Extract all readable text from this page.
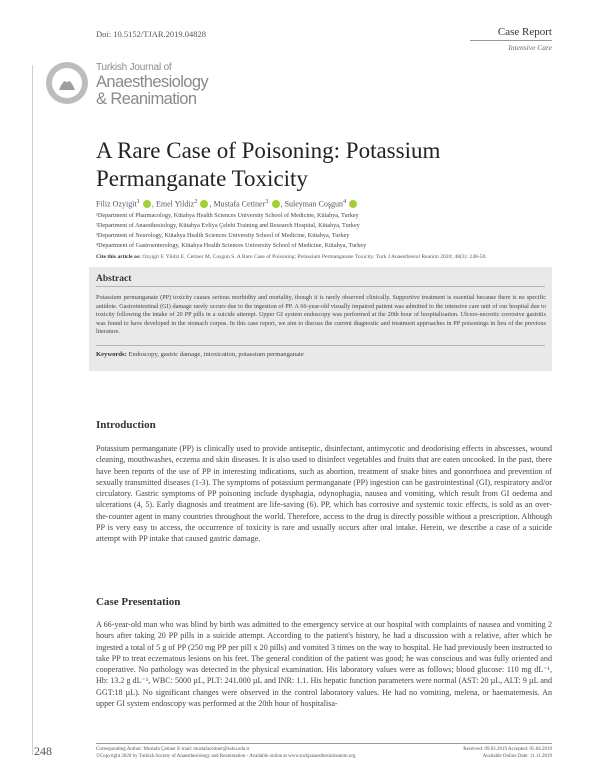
Doi: 10.5152/TJAR.2019.04828	Case Report
Intensive Care
Turkish Journal of
Anaesthesiology
& Reanimation
A Rare Case of Poisoning: Potassium
Permanganate Toxicity
Filiz Ozyigit$^1$ , Emel Yildiz$^2$ , Mustafa Cetiner$^3$ , Suleyman Coşgun$^4$
¹Department of Pharmacology, Kütahya Health Sciences University School of Medicine, Kütahya, Turkey
²Department of Anaesthesiology, Kütahya Evliya Çelebi Training and Research Hospital, Kütahya, Turkey
³Department of Neurology, Kütahya Health Sciences University School of Medicine, Kütahya, Turkey
⁴Department of Gastroenterology, Kütahya Health Sciences University School of Medicine, Kütahya, Turkey
Cite this article as: Ozyigit F, Yildiz E, Cetiner M, Cosgun S. A Rare Case of Poisoning: Potassium Permanganate Toxicity. Turk J Anaesthesiol Reanim 2020; 48(3): 248-50.
Abstract
Potassium permanganate (PP) toxicity causes serious morbidity and mortality, though it is rarely observed clinically. Supportive treatment is essential because there is no specific antidote. Gastrointestinal (GI) damage rarely occurs due to the ingestion of PP. A 66-year-old visually impaired patient was admitted to the intensive care unit of our hospital due to toxicity following the intake of 20 PP pills in a suicide attempt. Upper GI system endoscopy was performed at the 20th hour of hospitalisation. Ulcero-necrotic corrosive gastritis was found to have developed in the stomach corpus. In this case report, we aim to discuss the current diagnostic and treatment approaches in PP poisonings in lieu of the previous literature.
Keywords: Endoscopy, gastric damage, intoxication, potassium permanganate
Introduction
Potassium permanganate (PP) is clinically used to provide antiseptic, disinfectant, antimycotic and deodorising effects in abscesses, wound cleaning, mouthwashes, eczema and skin diseases. It is also used to disinfect vegetables and fruits that are eaten uncooked. In the past, there have been reports of the use of PP in interesting indications, such as abortion, treatment of snake bites and gonorrhoea and prevention of sexually transmitted diseases (1-3). The symptoms of potassium permanganate (PP) ingestion can be gastrointestinal (GI), respiratory and/or circulatory. Gastric symptoms of PP poisoning include dysphagia, odynophagia, nausea and vomiting, which result from GI oedema and ulcerations (4, 5). Early diagnosis and treatment are life-saving (6). PP, which has corrosive and systemic toxic effects, is sold as an over-the-counter agent in many countries throughout the world. Therefore, access to the drug is directly possible without a prescription. Although PP is very easy to access, the occurrence of toxicity is rare and usually occurs after oral intake. Herein, we describe a case of a suicide attempt with PP intake that caused gastric damage.
Case Presentation
A 66-year-old man who was blind by birth was admitted to the emergency service at our hospital with complaints of nausea and vomiting 2 hours after taking 20 PP pills in a suicide attempt. According to the patient's history, he had a discussion with a relative, after which he ingested a total of 5 g of PP (250 mg PP per pill x 20 pills) and vomited 3 times on the way to hospital. He had previously been instructed to take PP to treat eczematous lesions on his feet. The general condition of the patient was good; he was conscious and was fully oriented and cooperative. No pathology was detected in the physical examination. His laboratory values were as follows; blood glucose: 110 mg dL⁻¹, Hb: 13.2 g dL⁻¹, WBC: 5000 µL, PLT: 241.000 µL and INR: 1.1. His hepatic function parameters were normal (AST: 20 µL, ALT: 9 µL and GGT:18 µL). No significant changes were observed in the control laboratory values. He had no vomiting, melena, or haematemesis. An upper GI system endoscopy was performed at the 20th hour of hospitalisa-
248	Corresponding Author: Mustafa Çetiner E-mail: mustafacetiner@ksbu.edu.tr
©Copyright 2020 by Turkish Society of Anaesthesiology and Reanimation - Available online at www.turkjanaesthesiolreanim.org
Received: 09.02.2019 Accepted: 05.04.2019
Available Online Date: 11.11.2019
